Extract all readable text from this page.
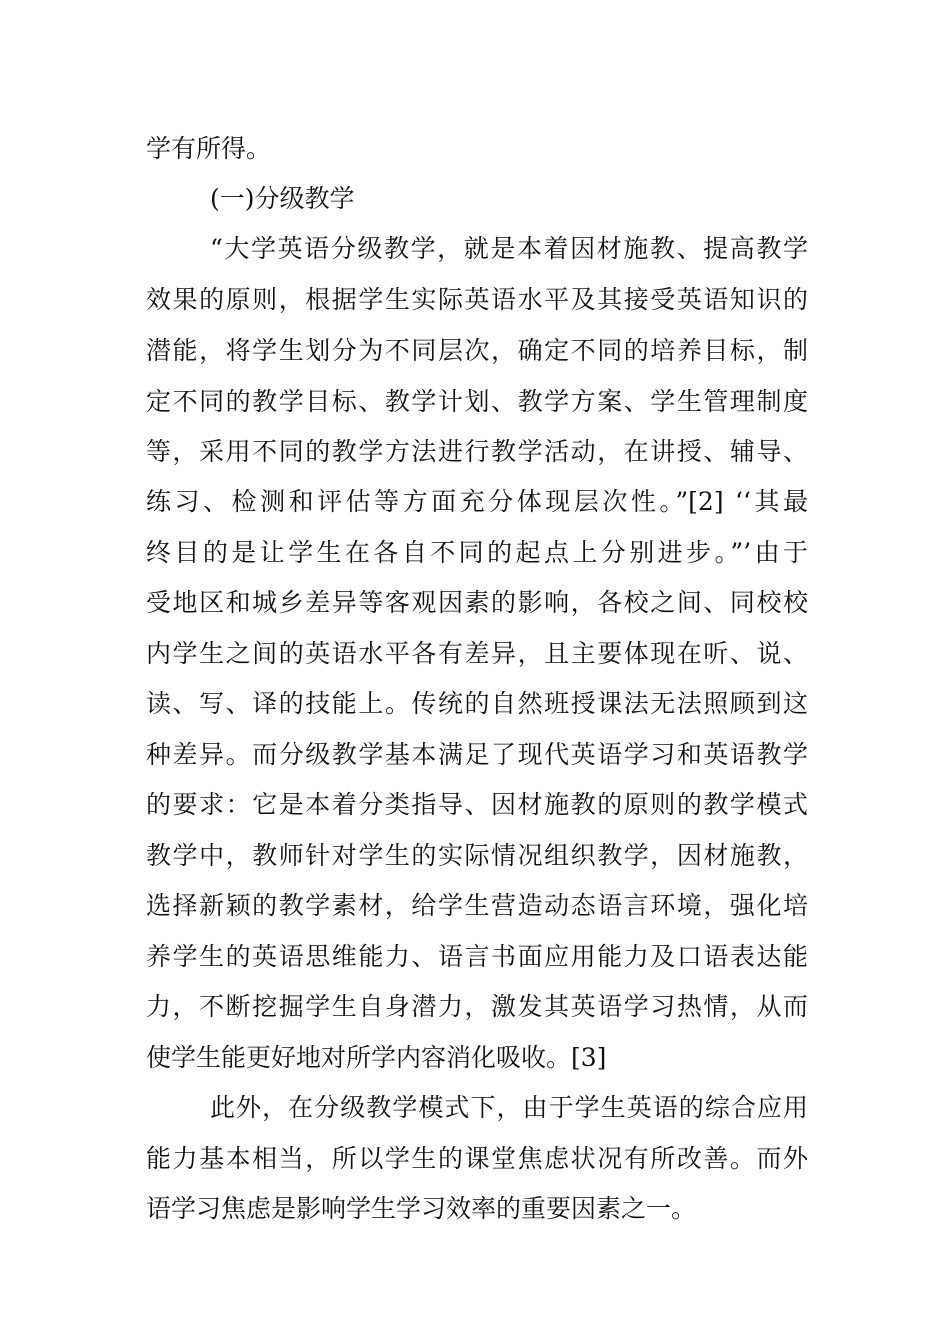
学有所得。
(一)分级教学
“大学英语分级教学，就是本着因材施教、提高教学
效果的原则，根据学生实际英语水平及其接受英语知识的
潜能，将学生划分为不同层次，确定不同的培养目标，制
定不同的教学目标、教学计划、教学方案、学生管理制度
等，采用不同的教学方法进行教学活动，在讲授、辅导、
练习、检测和评估等方面充分体现层次性。”[2] ‘‘其最
终目的是让学生在各自不同的起点上分别进步。”’由于
受地区和城乡差异等客观因素的影响，各校之间、同校校
内学生之间的英语水平各有差异，且主要体现在听、说、
读、写、译的技能上。传统的自然班授课法无法照顾到这
种差异。而分级教学基本满足了现代英语学习和英语教学
的要求：它是本着分类指导、因材施教的原则的教学模式
教学中，教师针对学生的实际情况组织教学，因材施教，
选择新颖的教学素材，给学生营造动态语言环境，强化培
养学生的英语思维能力、语言书面应用能力及口语表达能
力，不断挖掘学生自身潜力，激发其英语学习热情，从而
使学生能更好地对所学内容消化吸收。[3]
此外，在分级教学模式下，由于学生英语的综合应用
能力基本相当，所以学生的课堂焦虑状况有所改善。而外
语学习焦虑是影响学生学习效率的重要因素之一。
